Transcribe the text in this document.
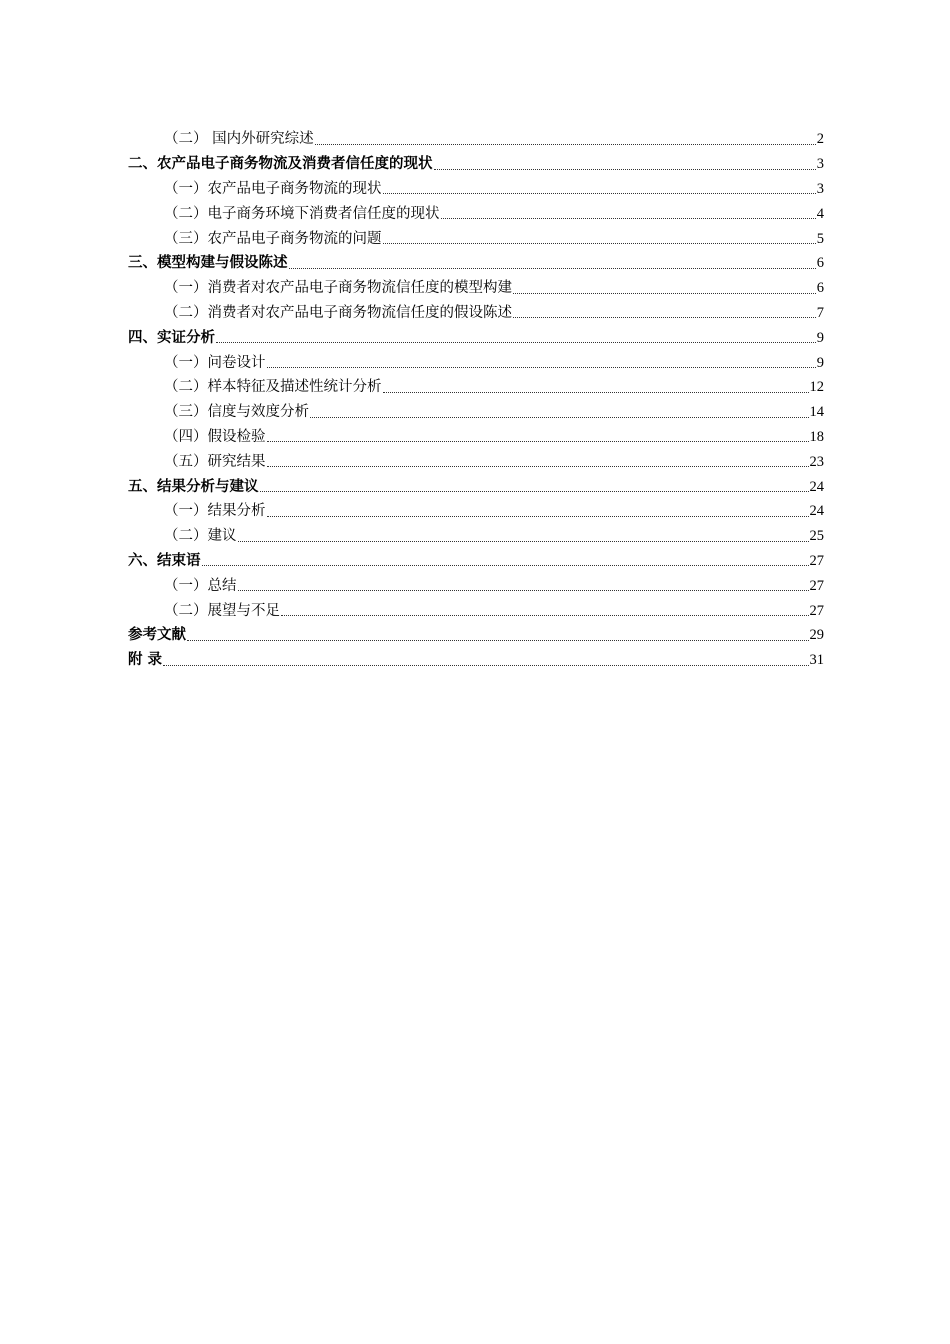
（二） 国内外研究综述	2
二、农产品电子商务物流及消费者信任度的现状	3
（一）农产品电子商务物流的现状	3
（二）电子商务环境下消费者信任度的现状	4
（三）农产品电子商务物流的问题	5
三、模型构建与假设陈述	6
（一）消费者对农产品电子商务物流信任度的模型构建	6
（二）消费者对农产品电子商务物流信任度的假设陈述	7
四、实证分析	9
（一）问卷设计	9
（二）样本特征及描述性统计分析	12
（三）信度与效度分析	14
（四）假设检验	18
（五）研究结果	23
五、结果分析与建议	24
（一）结果分析	24
（二）建议	25
六、结束语	27
（一）总结	27
（二）展望与不足	27
参考文献	29
附 录	31
